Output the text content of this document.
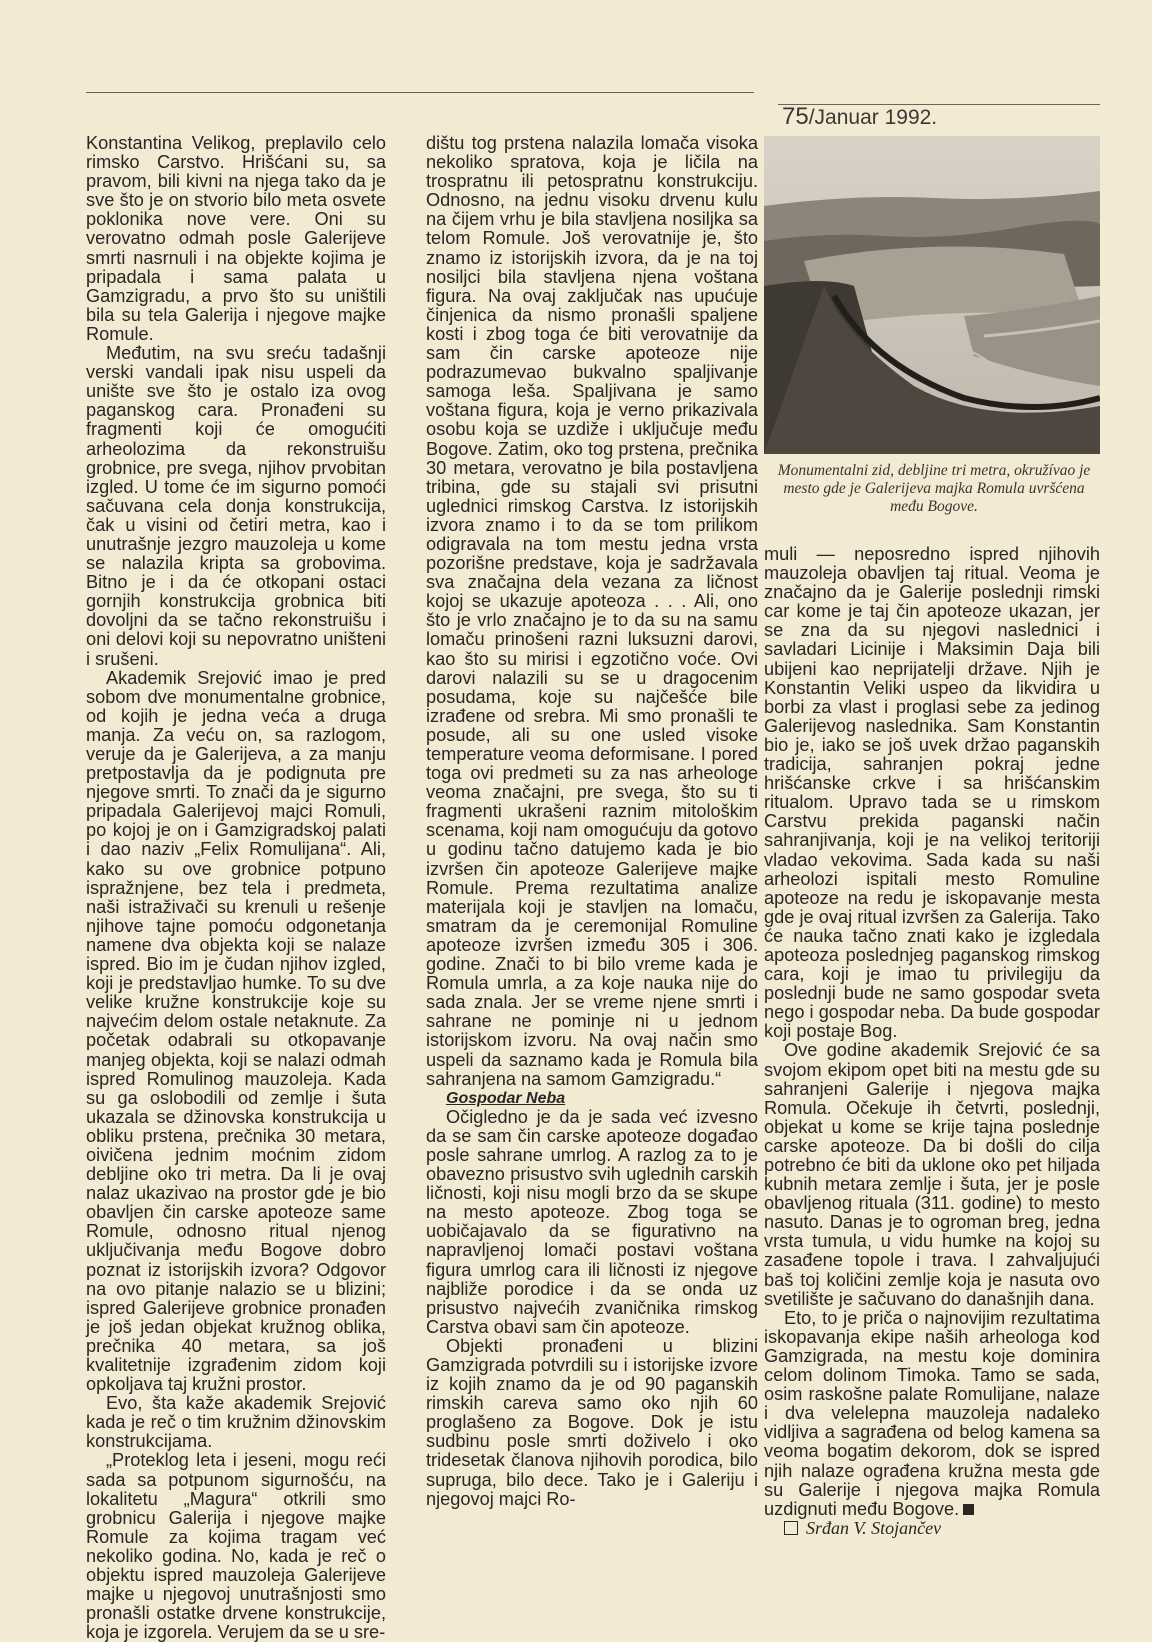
75/Januar 1992.

Konstantina Velikog, preplavilo celo rimsko Carstvo. Hrišćani su, sa pravom, bili kivni na njega tako da je sve što je on stvorio bilo meta osvete poklonika nove vere. Oni su verovatno odmah posle Galerijeve smrti nasrnuli i na objekte kojima je pripadala i sama palata u Gamzigradu, a prvo što su uništili bila su tela Galerija i njegove majke Romule.

Međutim, na svu sreću tadašnji verski vandali ipak nisu uspeli da unište sve što je ostalo iza ovog paganskog cara. Pronađeni su fragmenti koji će omogućiti arheolozima da rekonstruišu grobnice, pre svega, njihov prvobitan izgled. U tome će im sigurno pomoći sačuvana cela donja konstrukcija, čak u visini od četiri metra, kao i unutrašnje jezgro mauzoleja u kome se nalazila kripta sa grobovima. Bitno je i da će otkopani ostaci gornjih konstrukcija grobnica biti dovoljni da se tačno rekonstruišu i oni delovi koji su nepovratno uništeni i srušeni.

Akademik Srejović imao je pred sobom dve monumentalne grobnice, od kojih je jedna veća a druga manja. Za veću on, sa razlogom, veruje da je Galerijeva, a za manju pretpostavlja da je podignuta pre njegove smrti. To znači da je sigurno pripadala Galerijevoj majci Romuli, po kojoj je on i Gamzigradskoj palati i dao naziv „Felix Romulijana“. Ali, kako su ove grobnice potpuno ispražnjene, bez tela i predmeta, naši istraživači su krenuli u rešenje njihove tajne pomoću odgonetanja namene dva objekta koji se nalaze ispred. Bio im je čudan njihov izgled, koji je predstavljao humke. To su dve velike kružne konstrukcije koje su najvećim delom ostale netaknute. Za početak odabrali su otkopavanje manjeg objekta, koji se nalazi odmah ispred Romulinog mauzoleja. Kada su ga oslobodili od zemlje i šuta ukazala se džinovska konstrukcija u obliku prstena, prečnika 30 metara, oivičena jednim moćnim zidom debljine oko tri metra. Da li je ovaj nalaz ukazivao na prostor gde je bio obavljen čin carske apoteoze same Romule, odnosno ritual njenog uključivanja među Bogove dobro poznat iz istorijskih izvora? Odgovor na ovo pitanje nalazio se u blizini; ispred Galerijeve grobnice pronađen je još jedan objekat kružnog oblika, prečnika 40 metara, sa još kvalitetnije izgrađenim zidom koji opkoljava taj kružni prostor.

Evo, šta kaže akademik Srejović kada je reč o tim kružnim džinovskim konstrukcijama.

„Proteklog leta i jeseni, mogu reći sada sa potpunom sigurnošću, na lokalitetu „Magura“ otkrili smo grobnicu Galerija i njegove majke Romule za kojima tragam već nekoliko godina. No, kada je reč o objektu ispred mauzoleja Galerijeve majke u njegovoj unutrašnjosti smo pronašli ostatke drvene konstrukcije, koja je izgorela. Verujem da se u sre-

dištu tog prstena nalazila lomača visoka nekoliko spratova, koja je ličila na trospratnu ili petospratnu konstrukciju. Odnosno, na jednu visoku drvenu kulu na čijem vrhu je bila stavljena nosiljka sa telom Romule. Još verovatnije je, što znamo iz istorijskih izvora, da je na toj nosiljci bila stavljena njena voštana figura. Na ovaj zaključak nas upućuje činjenica da nismo pronašli spaljene kosti i zbog toga će biti verovatnije da sam čin carske apoteoze nije podrazumevao bukvalno spaljivanje samoga leša. Spaljivana je samo voštana figura, koja je verno prikazivala osobu koja se uzdiže i uključuje među Bogove. Zatim, oko tog prstena, prečnika 30 metara, verovatno je bila postavljena tribina, gde su stajali svi prisutni uglednici rimskog Carstva. Iz istorijskih izvora znamo i to da se tom prilikom odigravala na tom mestu jedna vrsta pozorišne predstave, koja je sadržavala sva značajna dela vezana za ličnost kojoj se ukazuje apoteoza . . . Ali, ono što je vrlo značajno je to da su na samu lomaču prinošeni razni luksuzni darovi, kao što su mirisi i egzotično voće. Ovi darovi nalazili su se u dragocenim posudama, koje su najčešće bile izrađene od srebra. Mi smo pronašli te posude, ali su one usled visoke temperature veoma deformisane. I pored toga ovi predmeti su za nas arheologe veoma značajni, pre svega, što su ti fragmenti ukrašeni raznim mitološkim scenama, koji nam omogućuju da gotovo u godinu tačno datujemo kada je bio izvršen čin apoteoze Galerijeve majke Romule. Prema rezultatima analize materijala koji je stavljen na lomaču, smatram da je ceremonijal Romuline apoteoze izvršen između 305 i 306. godine. Znači to bi bilo vreme kada je Romula umrla, a za koje nauka nije do sada znala. Jer se vreme njene smrti i sahrane ne pominje ni u jednom istorijskom izvoru. Na ovaj način smo uspeli da saznamo kada je Romula bila sahranjena na samom Gamzigradu.“

Gospodar Neba

Očigledno je da je sada već izvesno da se sam čin carske apoteoze događao posle sahrane umrlog. A razlog za to je obavezno prisustvo svih uglednih carskih ličnosti, koji nisu mogli brzo da se skupe na mesto apoteoze. Zbog toga se uobičajavalo da se figurativno na napravljenoj lomači postavi voštana figura umrlog cara ili ličnosti iz njegove najbliže porodice i da se onda uz prisustvo najvećih zvaničnika rimskog Carstva obavi sam čin apoteoze.

Objekti pronađeni u blizini Gamzigrada potvrdili su i istorijske izvore iz kojih znamo da je od 90 paganskih rimskih careva samo oko njih 60 proglašeno za Bogove. Dok je istu sudbinu posle smrti doživelo i oko tridesetak članova njihovih porodica, bilo supruga, bilo dece. Tako je i Galeriju i njegovoj majci Ro-

Monumentalni zid, debljine tri metra, okružívao je mesto gde je Galerijeva majka Romula uvršćena među Bogove.

muli — neposredno ispred njihovih mauzoleja obavljen taj ritual. Veoma je značajno da je Galerije poslednji rimski car kome je taj čin apoteoze ukazan, jer se zna da su njegovi naslednici i savladari Licinije i Maksimin Daja bili ubijeni kao neprijatelji države. Njih je Konstantin Veliki uspeo da likvidira u borbi za vlast i proglasi sebe za jedinog Galerijevog naslednika. Sam Konstantin bio je, iako se još uvek držao paganskih tradicija, sahranjen pokraj jedne hrišćanske crkve i sa hrišćanskim ritualom. Upravo tada se u rimskom Carstvu prekida paganski način sahranjivanja, koji je na velikoj teritoriji vladao vekovima. Sada kada su naši arheolozi ispitali mesto Romuline apoteoze na redu je iskopavanje mesta gde je ovaj ritual izvršen za Galerija. Tako će nauka tačno znati kako je izgledala apoteoza poslednjeg paganskog rimskog cara, koji je imao tu privilegiju da poslednji bude ne samo gospodar sveta nego i gospodar neba. Da bude gospodar koji postaje Bog.

Ove godine akademik Srejović će sa svojom ekipom opet biti na mestu gde su sahranjeni Galerije i njegova majka Romula. Očekuje ih četvrti, poslednji, objekat u kome se krije tajna poslednje carske apoteoze. Da bi došli do cilja potrebno će biti da uklone oko pet hiljada kubnih metara zemlje i šuta, jer je posle obavljenog rituala (311. godine) to mesto nasuto. Danas je to ogroman breg, jedna vrsta tumula, u vidu humke na kojoj su zasađene topole i trava. I zahvaljujući baš toj količini zemlje koja je nasuta ovo svetilište je sačuvano do današnjih dana.

Eto, to je priča o najnovijim rezultatima iskopavanja ekipe naših arheologa kod Gamzigrada, na mestu koje dominira celom dolinom Timoka. Tamo se sada, osim raskošne palate Romulijane, nalaze i dva velelepna mauzoleja nadaleko vidljiva a sagrađena od belog kamena sa veoma bogatim dekorom, dok se ispred njih nalaze ograđena kružna mesta gde su Galerije i njegova majka Romula uzdignuti među Bogove.

Srđan V. Stojančev
